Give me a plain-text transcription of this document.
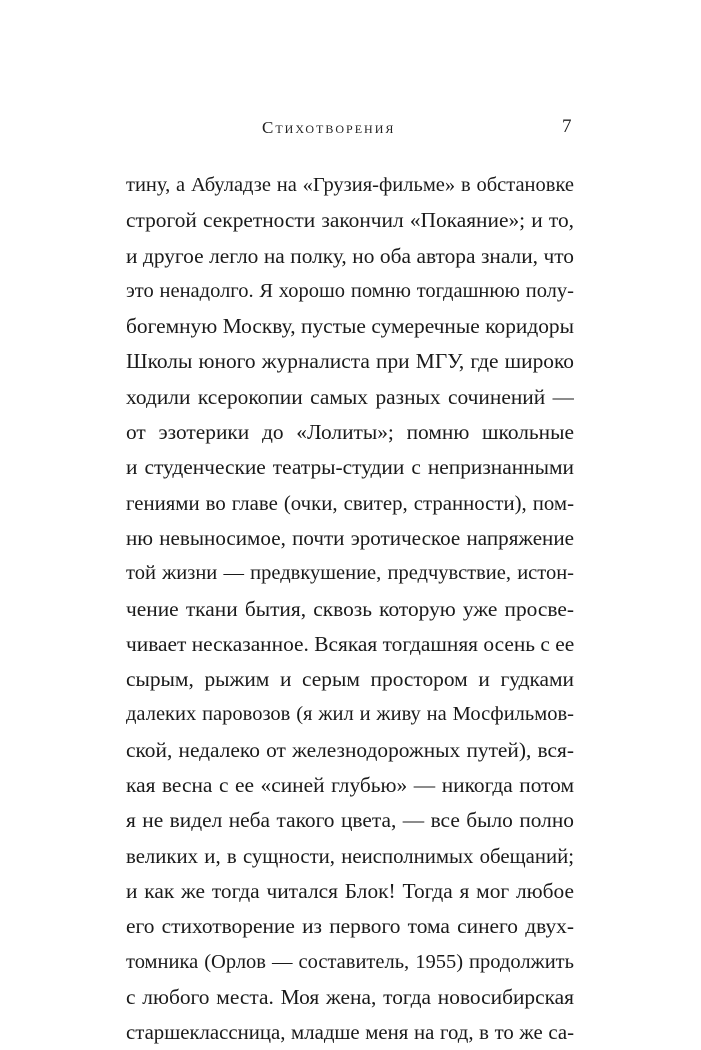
Стихотворения	7
тину, а Абуладзе на «Грузия-фильме» в обстановке
строгой секретности закончил «Покаяние»; и то,
и другое легло на полку, но оба автора знали, что
это ненадолго. Я хорошо помню тогдашнюю полу-
богемную Москву, пустые сумеречные коридоры
Школы юного журналиста при МГУ, где широко
ходили ксерокопии самых разных сочинений —
от эзотерики до «Лолиты»; помню школьные
и студенческие театры-студии с непризнанными
гениями во главе (очки, свитер, странности), пом-
ню невыносимое, почти эротическое напряжение
той жизни — предвкушение, предчувствие, истон-
чение ткани бытия, сквозь которую уже просве-
чивает несказанное. Всякая тогдашняя осень с ее
сырым, рыжим и серым простором и гудками
далеких паровозов (я жил и живу на Мосфильмов-
ской, недалеко от железнодорожных путей), вся-
кая весна с ее «синей глубью» — никогда потом
я не видел неба такого цвета, — все было полно
великих и, в сущности, неисполнимых обещаний;
и как же тогда читался Блок! Тогда я мог любое
его стихотворение из первого тома синего двух-
томника (Орлов — составитель, 1955) продолжить
с любого места. Моя жена, тогда новосибирская
старшеклассница, младше меня на год, в то же са-
